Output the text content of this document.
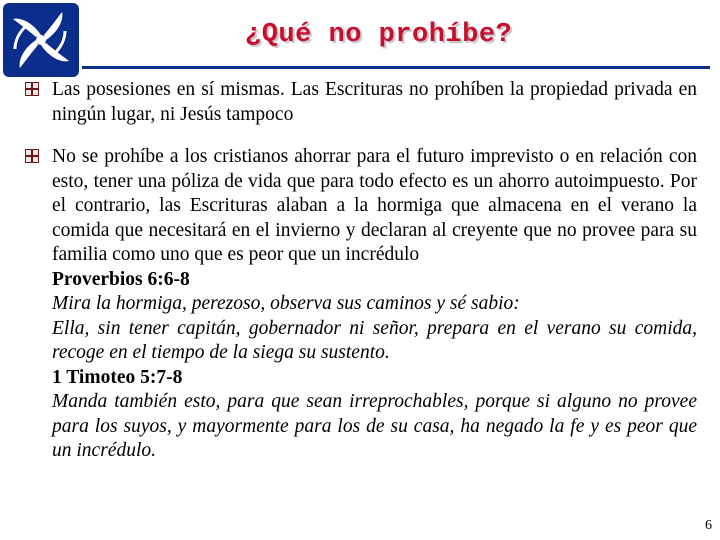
¿Qué no prohíbe?
Las posesiones en sí mismas. Las Escrituras no prohíben la propiedad privada en ningún lugar, ni Jesús tampoco
No se prohíbe a los cristianos ahorrar para el futuro imprevisto o en relación con esto, tener una póliza de vida que para todo efecto es un ahorro autoimpuesto. Por el contrario, las Escrituras alaban a la hormiga que almacena en el verano la comida que necesitará en el invierno y declaran al creyente que no provee para su familia como uno que es peor que un incrédulo
Proverbios 6:6-8
Mira la hormiga, perezoso, observa sus caminos y sé sabio:
Ella, sin tener capitán, gobernador ni señor, prepara en el verano su comida, recoge en el tiempo de la siega su sustento.
1 Timoteo 5:7-8
Manda también esto, para que sean irreprochables, porque si alguno no provee para los suyos, y mayormente para los de su casa, ha negado la fe y es peor que un incrédulo.
6
